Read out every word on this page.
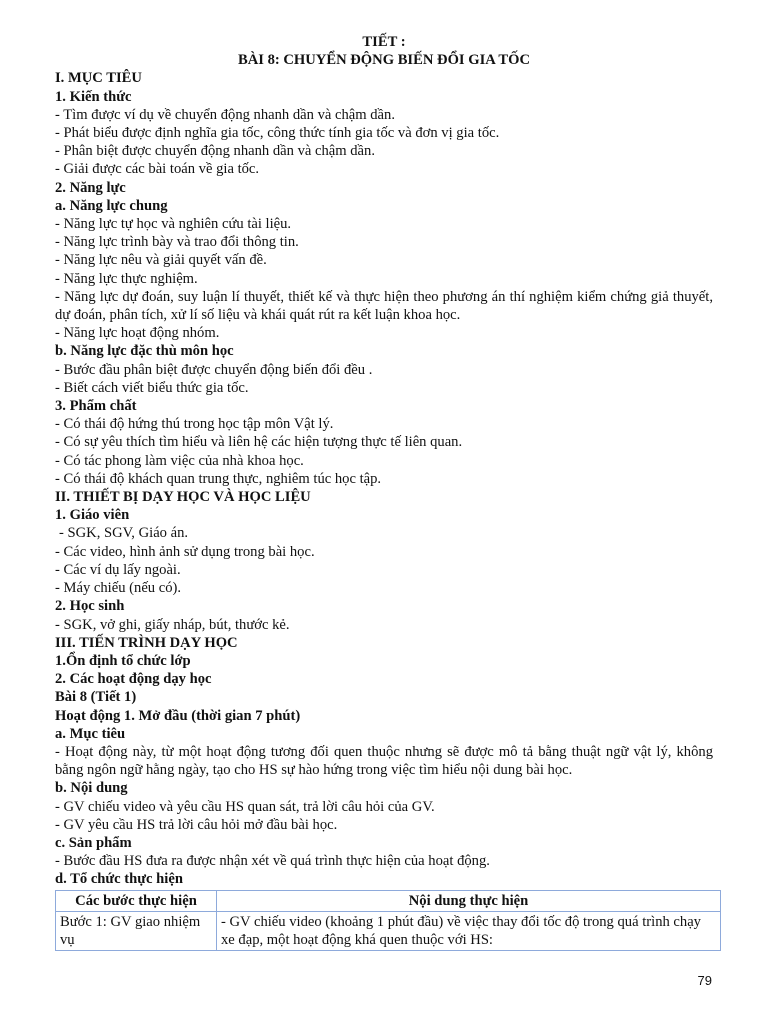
TIẾT :
BÀI 8: CHUYỂN ĐỘNG BIẾN ĐỔI GIA TỐC
I. MỤC TIÊU
1. Kiến thức
- Tìm được ví dụ về chuyển động nhanh dần và chậm dần.
- Phát biểu được định nghĩa gia tốc, công thức tính gia tốc và đơn vị gia tốc.
- Phân biệt được chuyển động nhanh dần và chậm dần.
- Giải được các bài toán về gia tốc.
2. Năng lực
a. Năng lực chung
- Năng lực tự học và nghiên cứu tài liệu.
- Năng lực trình bày và trao đổi thông tin.
- Năng lực nêu và giải quyết vấn đề.
- Năng lực thực nghiệm.
- Năng lực dự đoán, suy luận lí thuyết, thiết kế và thực hiện theo phương án thí nghiệm kiểm chứng giả thuyết, dự đoán, phân tích, xử lí số liệu và khái quát rút ra kết luận khoa học.
- Năng lực hoạt động nhóm.
b. Năng lực đặc thù môn học
- Bước đầu phân biệt được chuyển động biến đổi đều .
- Biết cách viết biểu thức gia tốc.
3. Phẩm chất
- Có thái độ hứng thú trong học tập môn Vật lý.
- Có sự yêu thích tìm hiểu và liên hệ các hiện tượng thực tế liên quan.
- Có tác phong làm việc của nhà khoa học.
- Có thái độ khách quan trung thực, nghiêm túc học tập.
II. THIẾT BỊ DẠY HỌC VÀ HỌC LIỆU
1. Giáo viên
- SGK, SGV, Giáo án.
- Các video, hình ảnh sử dụng trong bài học.
- Các ví dụ lấy ngoài.
- Máy chiếu (nếu có).
2. Học sinh
- SGK, vở ghi, giấy nháp, bút, thước kẻ.
III. TIẾN TRÌNH DẠY HỌC
1.Ổn định tổ chức lớp
2. Các hoạt động dạy học
Bài 8 (Tiết 1)
Hoạt động 1. Mở đầu (thời gian 7 phút)
a. Mục tiêu
- Hoạt động này, từ một hoạt động tương đối quen thuộc nhưng sẽ được mô tả bằng thuật ngữ vật lý, không bằng ngôn ngữ hằng ngày, tạo cho HS sự hào hứng trong việc tìm hiểu nội dung bài học.
b. Nội dung
- GV chiếu video và yêu cầu HS quan sát, trả lời câu hỏi của GV.
- GV yêu cầu HS trả lời câu hỏi mở đầu bài học.
c. Sản phẩm
- Bước đầu HS đưa ra được nhận xét về quá trình thực hiện của hoạt động.
d. Tổ chức thực hiện
Các bước thực hiện	Nội dung thực hiện
Bước 1: GV giao nhiệm vụ	- GV chiếu video (khoảng 1 phút đầu) về việc thay đổi tốc độ trong quá trình chạy xe đạp, một hoạt động khá quen thuộc với HS:
79
